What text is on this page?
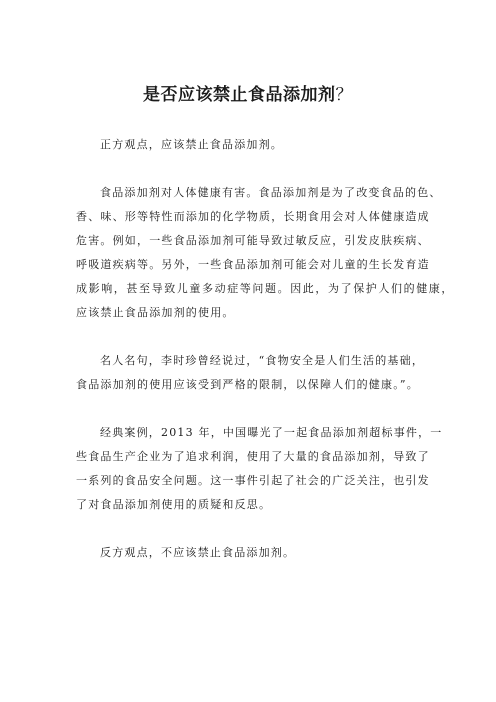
是否应该禁止食品添加剂？
正方观点，应该禁止食品添加剂。
食品添加剂对人体健康有害。食品添加剂是为了改变食品的色、
香、味、形等特性而添加的化学物质，长期食用会对人体健康造成
危害。例如，一些食品添加剂可能导致过敏反应，引发皮肤疾病、
呼吸道疾病等。另外，一些食品添加剂可能会对儿童的生长发育造
成影响，甚至导致儿童多动症等问题。因此，为了保护人们的健康，
应该禁止食品添加剂的使用。
名人名句，李时珍曾经说过，“食物安全是人们生活的基础，
食品添加剂的使用应该受到严格的限制，以保障人们的健康。”。
经典案例，2013 年，中国曝光了一起食品添加剂超标事件，一
些食品生产企业为了追求利润，使用了大量的食品添加剂，导致了
一系列的食品安全问题。这一事件引起了社会的广泛关注，也引发
了对食品添加剂使用的质疑和反思。
反方观点，不应该禁止食品添加剂。
